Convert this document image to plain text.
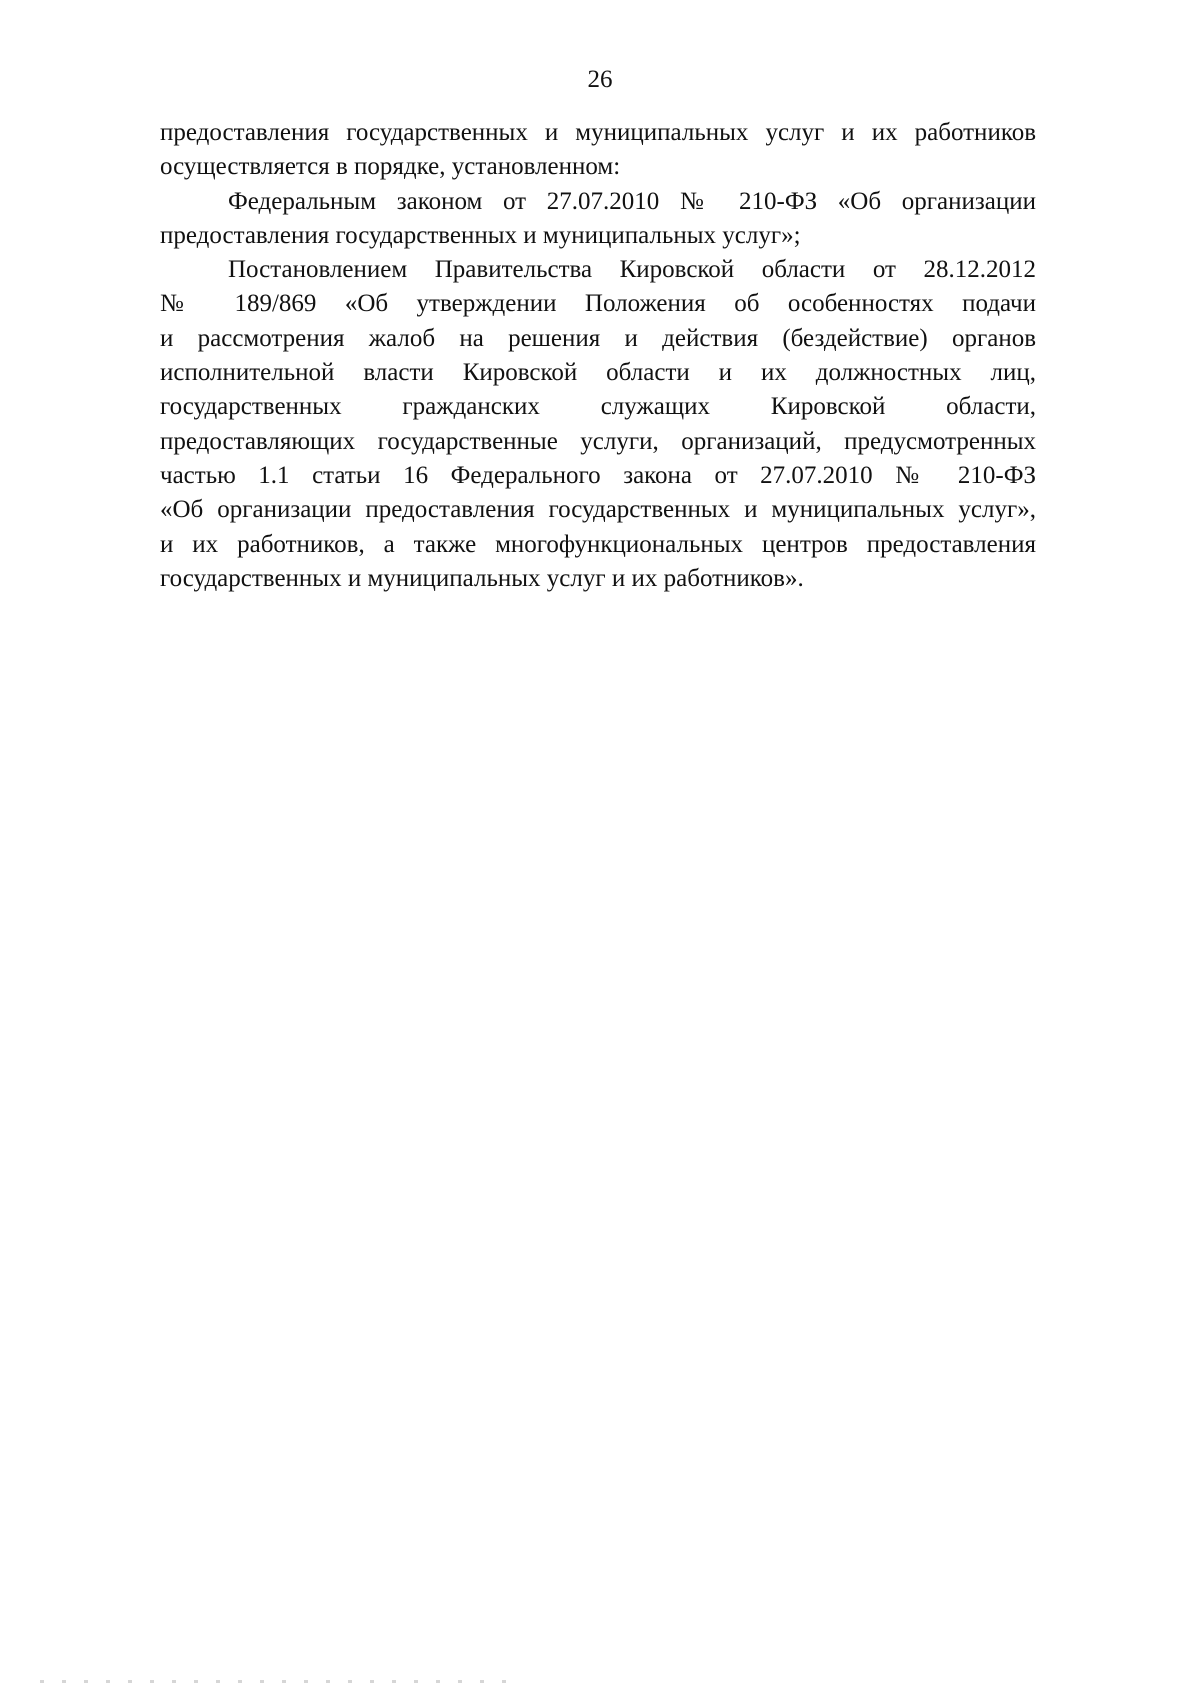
26
предоставления государственных и муниципальных услуг и их работников
осуществляется в порядке, установленном:
Федеральным законом от 27.07.2010 № 210-ФЗ «Об организации
предоставления государственных и муниципальных услуг»;
Постановлением Правительства Кировской области от 28.12.2012
№ 189/869 «Об утверждении Положения об особенностях подачи
и рассмотрения жалоб на решения и действия (бездействие) органов
исполнительной власти Кировской области и их должностных лиц,
государственных гражданских служащих Кировской области,
предоставляющих государственные услуги, организаций, предусмотренных
частью 1.1 статьи 16 Федерального закона от 27.07.2010 № 210-ФЗ
«Об организации предоставления государственных и муниципальных услуг»,
и их работников, а также многофункциональных центров предоставления
государственных и муниципальных услуг и их работников».
